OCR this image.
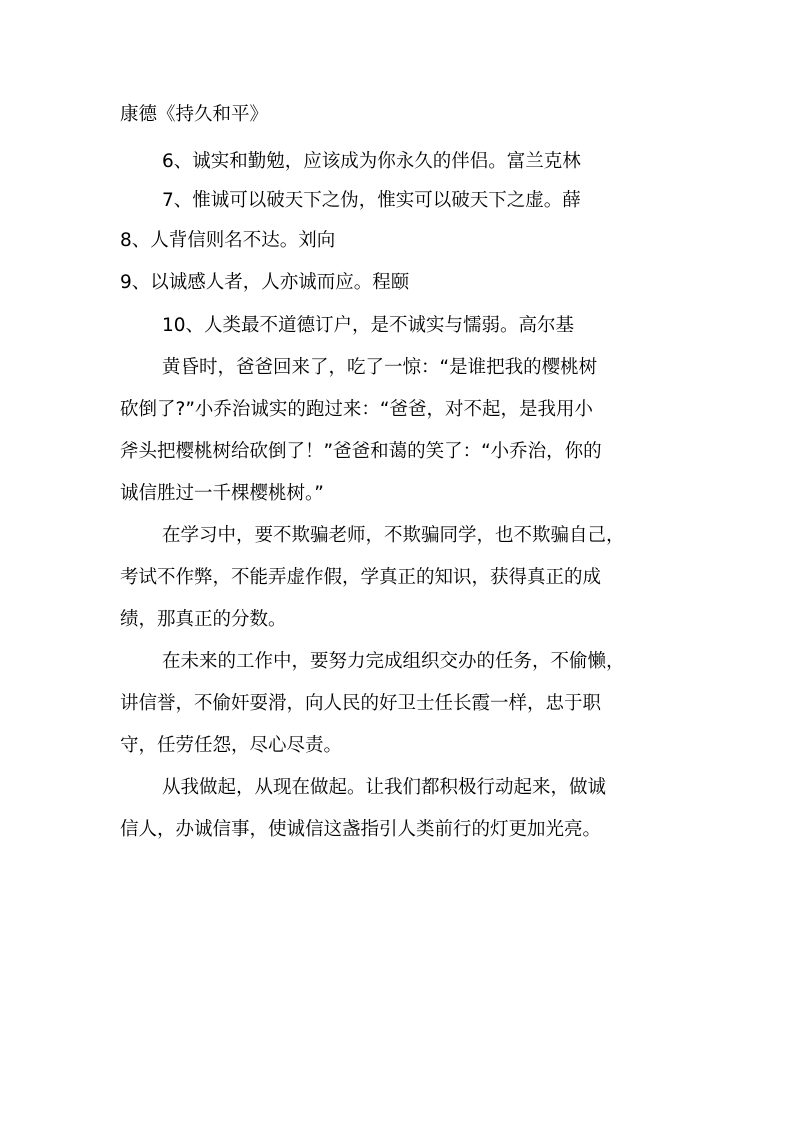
康德《持久和平》
6、诚实和勤勉，应该成为你永久的伴侣。富兰克林
7、惟诚可以破天下之伪，惟实可以破天下之虚。薛
8、人背信则名不达。刘向
9、以诚感人者，人亦诚而应。程颐
10、人类最不道德订户，是不诚实与懦弱。高尔基
黄昏时，爸爸回来了，吃了一惊：“是谁把我的樱桃树
砍倒了?”小乔治诚实的跑过来：“爸爸，对不起，是我用小
斧头把樱桃树给砍倒了！”爸爸和蔼的笑了：“小乔治，你的
诚信胜过一千棵樱桃树。”
在学习中，要不欺骗老师，不欺骗同学，也不欺骗自己，
考试不作弊，不能弄虚作假，学真正的知识，获得真正的成
绩，那真正的分数。
在未来的工作中，要努力完成组织交办的任务，不偷懒，
讲信誉，不偷奸耍滑，向人民的好卫士任长霞一样，忠于职
守，任劳任怨，尽心尽责。
从我做起，从现在做起。让我们都积极行动起来，做诚
信人，办诚信事，使诚信这盏指引人类前行的灯更加光亮。
